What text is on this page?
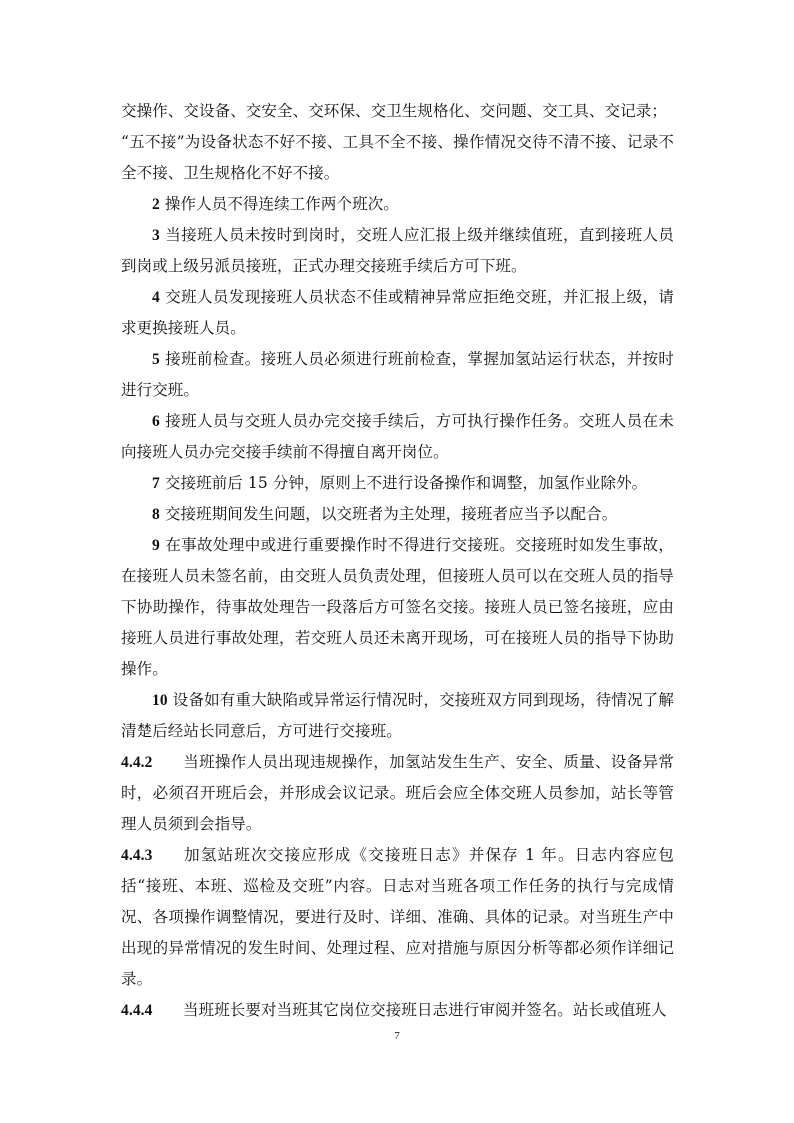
交操作、交设备、交安全、交环保、交卫生规格化、交问题、交工具、交记录；

“五不接”为设备状态不好不接、工具不全不接、操作情况交待不清不接、记录不全不接、卫生规格化不好不接。

2 操作人员不得连续工作两个班次。

3 当接班人员未按时到岗时，交班人应汇报上级并继续值班，直到接班人员到岗或上级另派员接班，正式办理交接班手续后方可下班。

4 交班人员发现接班人员状态不佳或精神异常应拒绝交班，并汇报上级，请求更换接班人员。

5 接班前检查。接班人员必须进行班前检查，掌握加氢站运行状态，并按时进行交班。

6 接班人员与交班人员办完交接手续后，方可执行操作任务。交班人员在未向接班人员办完交接手续前不得擅自离开岗位。

7 交接班前后 15 分钟，原则上不进行设备操作和调整，加氢作业除外。

8 交接班期间发生问题，以交班者为主处理，接班者应当予以配合。

9 在事故处理中或进行重要操作时不得进行交接班。交接班时如发生事故，在接班人员未签名前，由交班人员负责处理，但接班人员可以在交班人员的指导下协助操作，待事故处理告一段落后方可签名交接。接班人员已签名接班，应由接班人员进行事故处理，若交班人员还未离开现场，可在接班人员的指导下协助操作。

10 设备如有重大缺陷或异常运行情况时，交接班双方同到现场，待情况了解清楚后经站长同意后，方可进行交接班。

4.4.2 当班操作人员出现违规操作，加氢站发生生产、安全、质量、设备异常时，必须召开班后会，并形成会议记录。班后会应全体交班人员参加，站长等管理人员须到会指导。

4.4.3 加氢站班次交接应形成《交接班日志》并保存 1 年。日志内容应包括“接班、本班、巡检及交班”内容。日志对当班各项工作任务的执行与完成情况、各项操作调整情况，要进行及时、详细、准确、具体的记录。对当班生产中出现的异常情况的发生时间、处理过程、应对措施与原因分析等都必须作详细记录。

4.4.4 当班班长要对当班其它岗位交接班日志进行审阅并签名。站长或值班人

7
